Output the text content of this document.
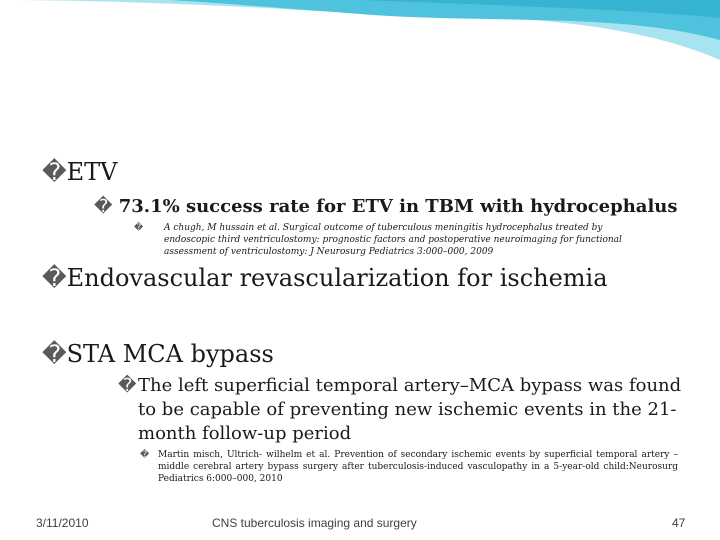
�ETV
� 73.1% success rate for ETV in TBM with hydrocephalus
� A chugh, M hussain et al. Surgical outcome of tuberculous meningitis hydrocephalus treated by endoscopic third ventriculostomy: prognostic factors and postoperative neuroimaging for functional assessment of ventriculostomy: J Neurosurg Pediatrics 3:000–000, 2009
�Endovascular revascularization for ischemia
�STA MCA bypass
� The left superficial temporal artery–MCA bypass was found to be capable of preventing new ischemic events in the 21-month follow-up period
� Martin misch, Ultrich- wilhelm et al. Prevention of secondary ischemic events by superficial temporal artery –middle cerebral artery bypass surgery after tuberculosis-induced vasculopathy in a 5-year-old child:Neurosurg Pediatrics 6:000–000, 2010
3/11/2010	CNS tuberculosis imaging and surgery	47
